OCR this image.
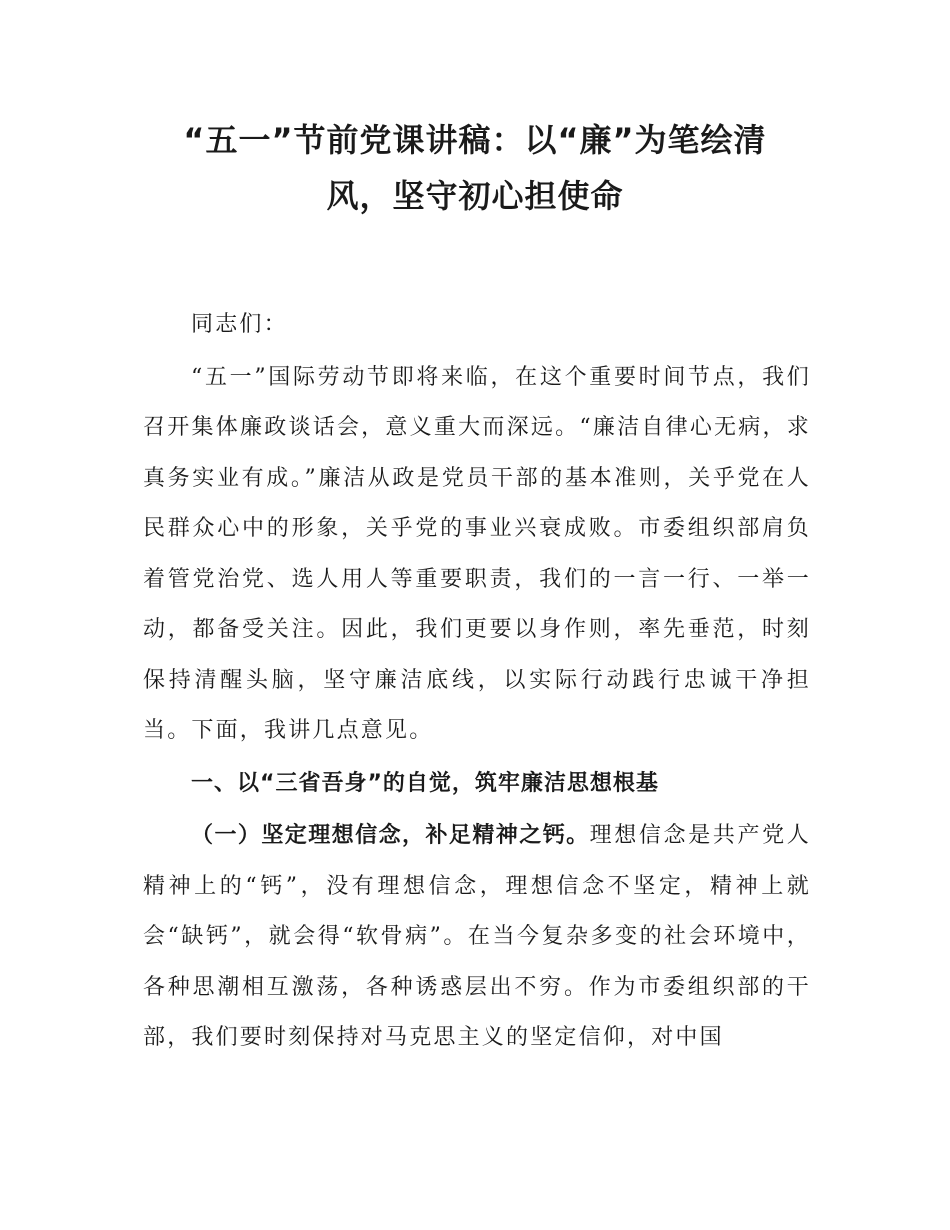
“五一”节前党课讲稿：以“廉”为笔绘清
风，坚守初心担使命

同志们：

“五一”国际劳动节即将来临，在这个重要时间节点，我们召开集体廉政谈话会，意义重大而深远。“廉洁自律心无病，求真务实业有成。”廉洁从政是党员干部的基本准则，关乎党在人民群众心中的形象，关乎党的事业兴衰成败。市委组织部肩负着管党治党、选人用人等重要职责，我们的一言一行、一举一动，都备受关注。因此，我们更要以身作则，率先垂范，时刻保持清醒头脑，坚守廉洁底线，以实际行动践行忠诚干净担当。下面，我讲几点意见。

一、以“三省吾身”的自觉，筑牢廉洁思想根基

（一）坚定理想信念，补足精神之钙。理想信念是共产党人精神上的“钙”，没有理想信念，理想信念不坚定，精神上就会“缺钙”，就会得“软骨病”。在当今复杂多变的社会环境中，各种思潮相互激荡，各种诱惑层出不穷。作为市委组织部的干部，我们要时刻保持对马克思主义的坚定信仰，对中国
